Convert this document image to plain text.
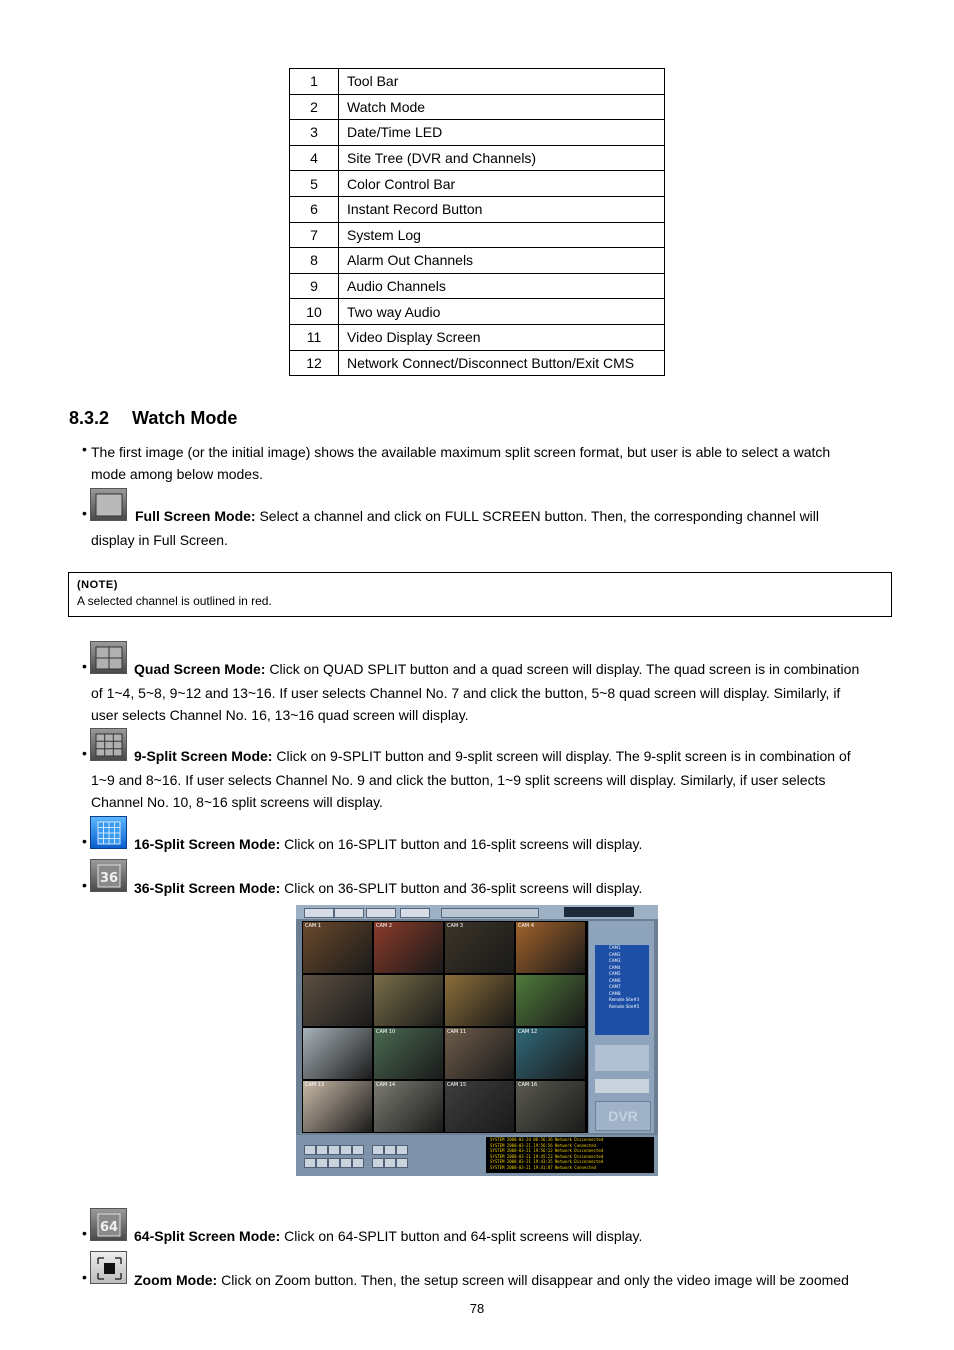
1	Tool Bar
2	Watch Mode
3	Date/Time LED
4	Site Tree (DVR and Channels)
5	Color Control Bar
6	Instant Record Button
7	System Log
8	Alarm Out Channels
9	Audio Channels
10	Two way Audio
11	Video Display Screen
12	Network Connect/Disconnect Button/Exit CMS
8.3.2 Watch Mode
• The first image (or the initial image) shows the available maximum split screen format, but user is able to select a watch
mode among below modes.
•	Full Screen Mode: Select a channel and click on FULL SCREEN button. Then, the corresponding channel will
display in Full Screen.
(NOTE)
A selected channel is outlined in red.
•	Quad Screen Mode: Click on QUAD SPLIT button and a quad screen will display. The quad screen is in combination
of 1~4, 5~8, 9~12 and 13~16. If user selects Channel No. 7 and click the button, 5~8 quad screen will display. Similarly, if
user selects Channel No. 16, 13~16 quad screen will display.
•	9-Split Screen Mode: Click on 9-SPLIT button and 9-split screen will display. The 9-split screen is in combination of
1~9 and 8~16. If user selects Channel No. 9 and click the button, 1~9 split screens will display. Similarly, if user selects
Channel No. 10, 8~16 split screens will display.
•	16-Split Screen Mode: Click on 16-SPLIT button and 16-split screens will display.
• 36
36-Split Screen Mode: Click on 36-SPLIT button and 36-split screens will display.
CAM 1	CAM 2	CAM 3	CAM 4
CAM 10	CAM 11	CAM 12
CAM 13	CAM 14	CAM 15	CAM 16
CAM1
CAM2
CAM3
CAM4
CAM5
CAM6
CAM7
CAM8
Remote Site#3
Remote Site#5
DVR
SYSTEM 2008-03-24 06:56:36 Network Disconnected
SYSTEM 2008-03-21 19:56:56 Network Connected
SYSTEM 2008-03-21 19:56:12 Network Disconnected
SYSTEM 2008-03-21 19:45:23 Network Disconnected
SYSTEM 2008-03-21 19:43:35 Network Disconnected
SYSTEM 2008-03-21 19:41:07 Network Connected
• 64
64-Split Screen Mode: Click on 64-SPLIT button and 64-split screens will display.
•	Zoom Mode: Click on Zoom button. Then, the setup screen will disappear and only the video image will be zoomed
78
